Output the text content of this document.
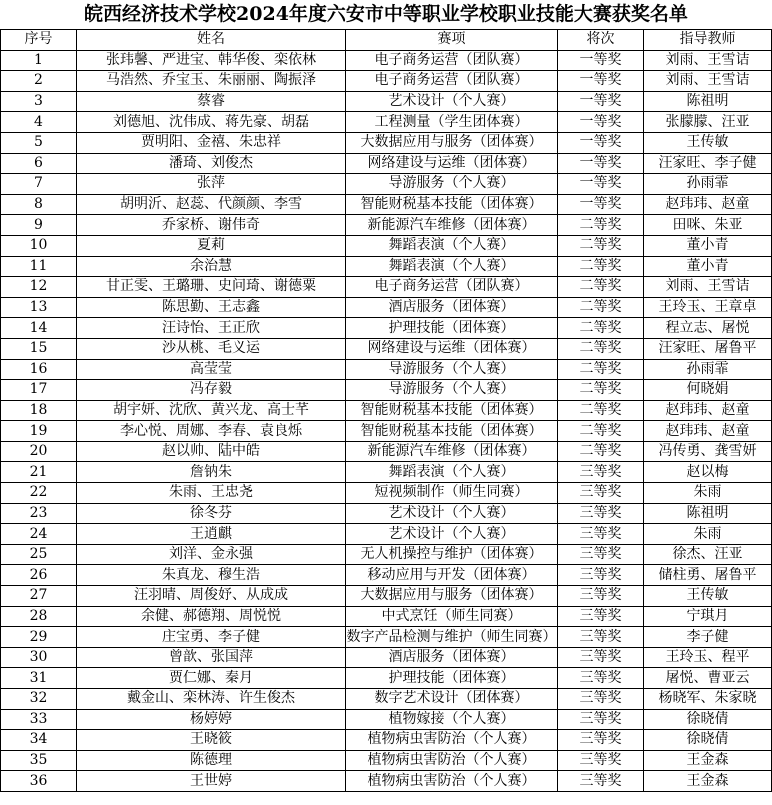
皖西经济技术学校2024年度六安市中等职业学校职业技能大赛获奖名单
序号	姓名	赛项	将次	指导教师
1	张玮馨、严进宝、韩华俊、栾依林	电子商务运营（团队赛）	一等奖	刘雨、王雪诘
2	马浩然、乔宝玉、朱丽丽、陶振泽	电子商务运营（团队赛）	一等奖	刘雨、王雪诘
3	蔡睿	艺术设计（个人赛）	一等奖	陈祖明
4	刘德旭、沈伟成、蒋先豪、胡磊	工程测量（学生团体赛）	一等奖	张朦朦、汪亚
5	贾明阳、金禧、朱忠祥	大数据应用与服务（团体赛）	一等奖	王传敏
6	潘琦、刘俊杰	网络建设与运维（团体赛）	一等奖	汪家旺、李子健
7	张萍	导游服务（个人赛）	一等奖	孙雨霏
8	胡明沂、赵蕊、代颜颜、李雪	智能财税基本技能（团体赛）	一等奖	赵玮玮、赵童
9	乔家桥、谢伟奇	新能源汽车维修（团体赛）	二等奖	田咪、朱亚
10	夏莉	舞蹈表演（个人赛）	二等奖	董小青
11	余治慧	舞蹈表演（个人赛）	二等奖	董小青
12	甘正雯、王璐珊、史问琦、谢德粟	电子商务运营（团队赛）	二等奖	刘雨、王雪诘
13	陈思勤、王志鑫	酒店服务（团体赛）	二等奖	王玲玉、王章卓
14	汪诗怡、王正欣	护理技能（团体赛）	二等奖	程立志、屠悦
15	沙从桃、毛义运	网络建设与运维（团体赛）	二等奖	汪家旺、屠鲁平
16	高莹莹	导游服务（个人赛）	二等奖	孙雨霏
17	冯存毅	导游服务（个人赛）	二等奖	何晓娟
18	胡宇妍、沈欣、黄兴龙、高士芊	智能财税基本技能（团体赛）	二等奖	赵玮玮、赵童
19	李心悦、周娜、李春、袁良烁	智能财税基本技能（团体赛）	二等奖	赵玮玮、赵童
20	赵以帅、陆中皓	新能源汽车维修（团体赛）	二等奖	冯传勇、龚雪妍
21	詹钠朱	舞蹈表演（个人赛）	三等奖	赵以梅
22	朱雨、王忠尧	短视频制作（师生同赛）	三等奖	朱雨
23	徐冬芬	艺术设计（个人赛）	三等奖	陈祖明
24	王逍麒	艺术设计（个人赛）	三等奖	朱雨
25	刘洋、金永强	无人机操控与维护（团体赛）	三等奖	徐杰、汪亚
26	朱真龙、穆生浩	移动应用与开发（团体赛）	三等奖	储柱勇、屠鲁平
27	汪羽晴、周俊妤、从成成	大数据应用与服务（团体赛）	三等奖	王传敏
28	余健、郝德翔、周悦悦	中式烹饪（师生同赛）	三等奖	宁琪月
29	庄宝勇、李子健	数字产品检测与维护（师生同赛）	三等奖	李子健
30	曾歆、张国萍	酒店服务（团体赛）	三等奖	王玲玉、程平
31	贾仁娜、秦月	护理技能（团体赛）	三等奖	屠悦、曹亚云
32	戴金山、栾林涛、许生俊杰	数字艺术设计（团体赛）	三等奖	杨晓军、朱家晓
33	杨婷婷	植物嫁接（个人赛）	三等奖	徐晓倩
34	王晓筱	植物病虫害防治（个人赛）	三等奖	徐晓倩
35	陈德理	植物病虫害防治（个人赛）	三等奖	王金森
36	王世婷	植物病虫害防治（个人赛）	三等奖	王金森
